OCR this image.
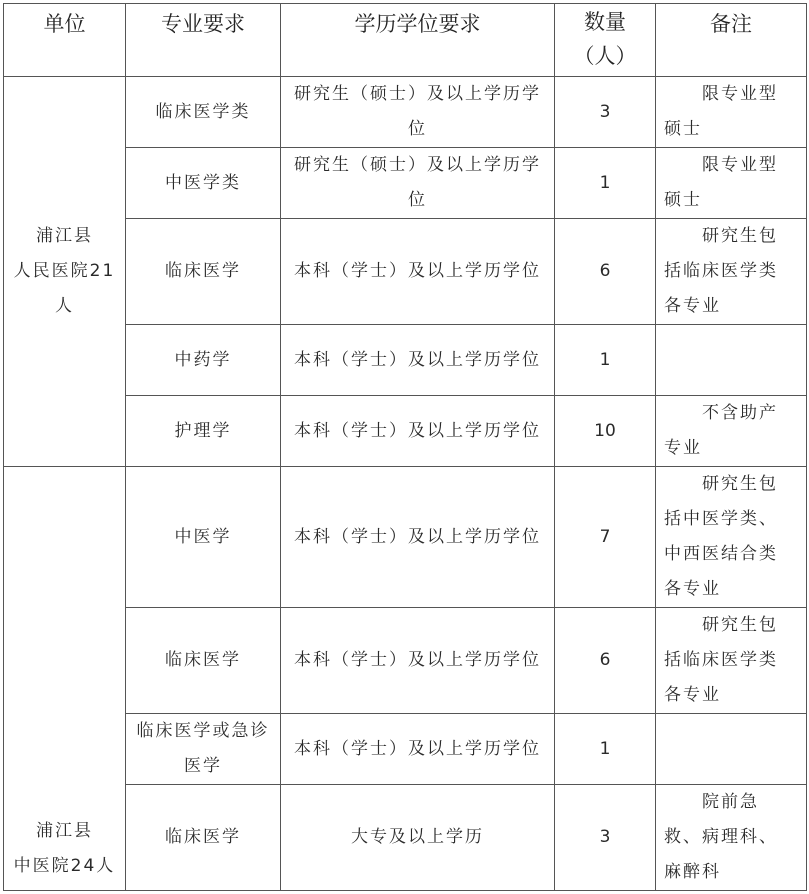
单位	专业要求	学历学位要求	数量（人）	备注

浦江县
人民医院21
人	临床医学类	研究生（硕士）及以上学历学位	3	　　限专业型
硕士
	中医学类	研究生（硕士）及以上学历学位	1	　　限专业型
硕士
	临床医学	本科（学士）及以上学历学位	6	　　研究生包
括临床医学类
各专业
	中药学	本科（学士）及以上学历学位	1	
	护理学	本科（学士）及以上学历学位	10	　　不含助产
专业
浦江县
中医院24人	中医学	本科（学士）及以上学历学位	7	　　研究生包
括中医学类、
中西医结合类
各专业
	临床医学	本科（学士）及以上学历学位	6	　　研究生包
括临床医学类
各专业

	临床医学或急诊医学	本科（学士）及以上学历学位	1	
	临床医学	大专及以上学历	3	　　院前急
救、病理科、
麻醉科
